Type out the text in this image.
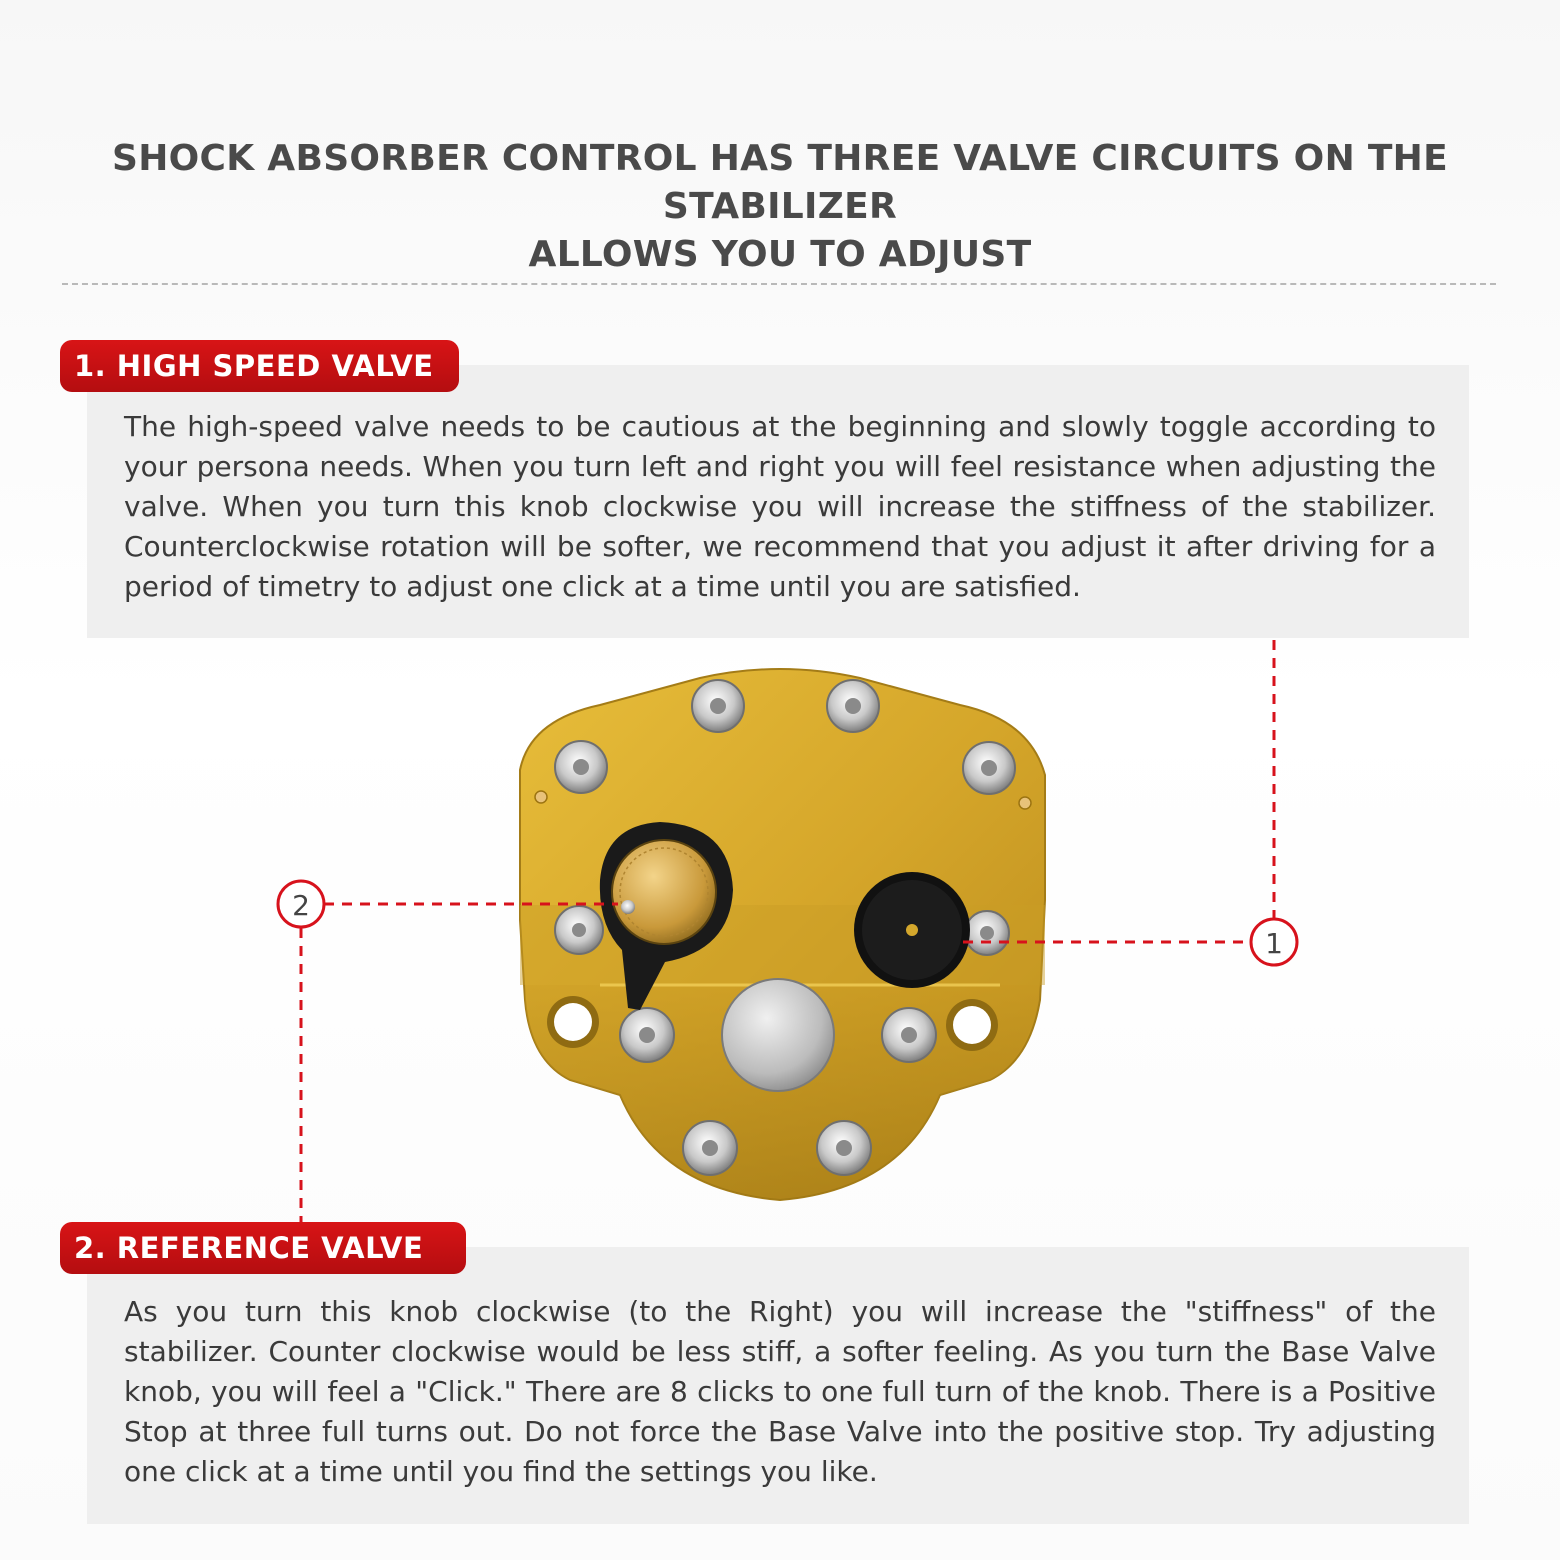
SHOCK ABSORBER CONTROL HAS THREE VALVE CIRCUITS ON THE STABILIZER
ALLOWS YOU TO ADJUST

The high-speed valve needs to be cautious at the beginning and slowly toggle according to your persona needs. When you turn left and right you will feel resistance when adjusting the valve. When you turn this knob clockwise you will increase the stiffness of the stabilizer. Counterclockwise rotation will be softer, we recommend that you adjust it after driving for a period of timetry to adjust one click at a time until you are satisfied.

1. HIGH SPEED VALVE

As you turn this knob clockwise (to the Right) you will increase the "stiffness" of the stabilizer. Counter clockwise would be less stiff, a softer feeling. As you turn the Base Valve knob, you will feel a "Click." There are 8 clicks to one full turn of the knob. There is a Positive Stop at three full turns out. Do not force the Base Valve into the positive stop. Try adjusting one click at a time until you find the settings you like.

2. REFERENCE VALVE
1
2
